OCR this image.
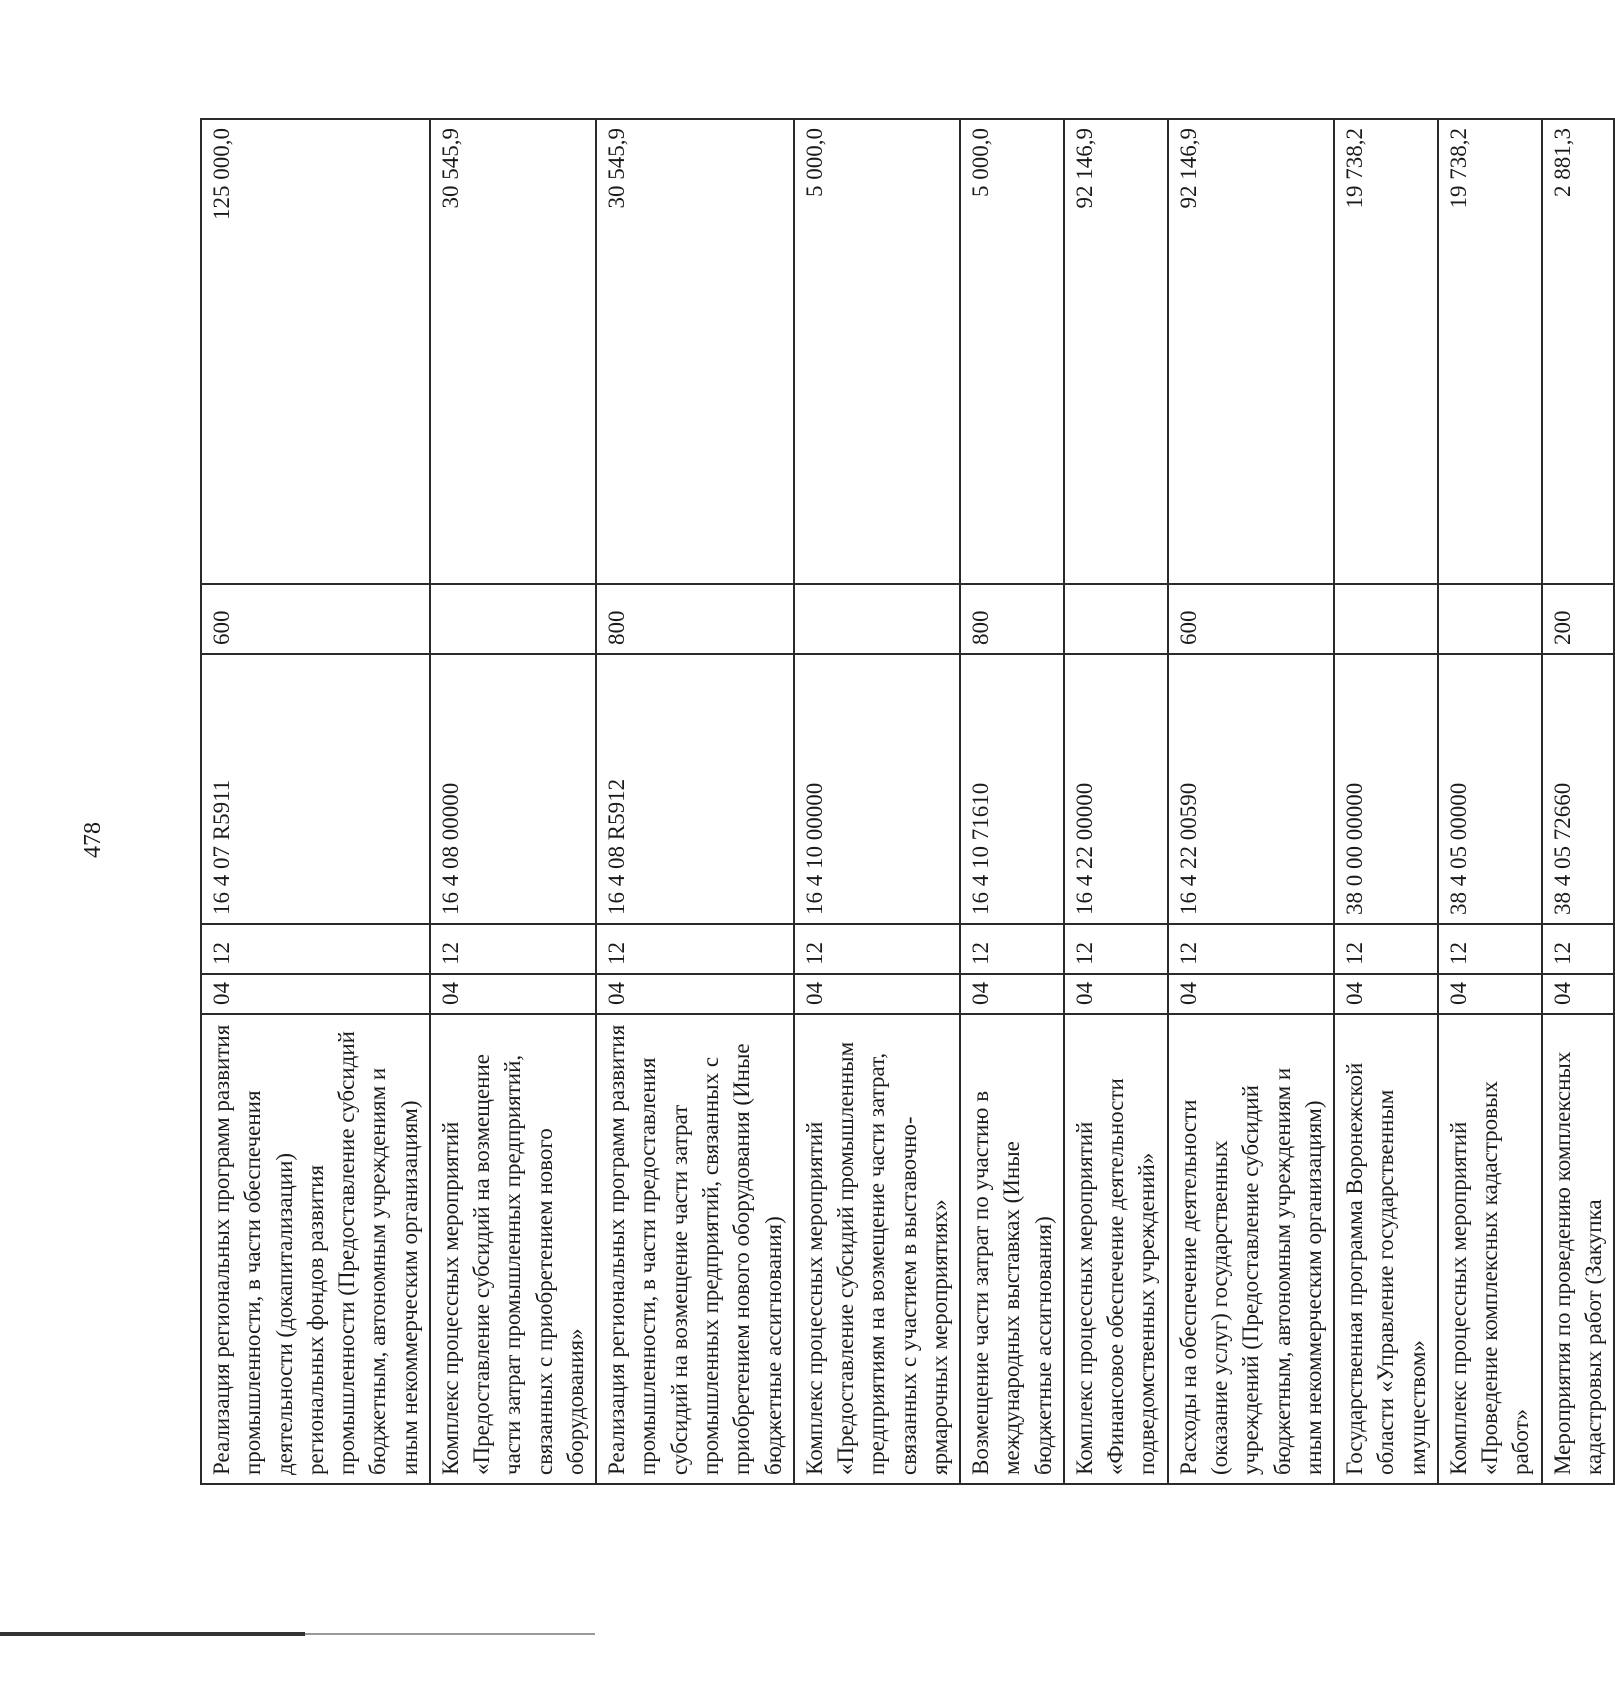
478
Реализация региональных программ развития промышленности, в части обеспечения деятельности (докапитализации) региональных фондов развития промышленности (Предоставление субсидий бюджетным, автономным учреждениям и иным некоммерческим организациям)	04	12	16 4 07 R5911	600	125 000,0
Комплекс процессных мероприятий «Предоставление субсидий на возмещение части затрат промышленных предприятий, связанных с приобретением нового оборудования»	04	12	16 4 08 00000		30 545,9
Реализация региональных программ развития промышленности, в части предоставления субсидий на возмещение части затрат промышленных предприятий, связанных с приобретением нового оборудования (Иные бюджетные ассигнования)	04	12	16 4 08 R5912	800	30 545,9
Комплекс процессных мероприятий «Предоставление субсидий промышленным предприятиям на возмещение части затрат, связанных с участием в выставочно-ярмарочных мероприятиях»	04	12	16 4 10 00000		5 000,0
Возмещение части затрат по участию в международных выставках (Иные бюджетные ассигнования)	04	12	16 4 10 71610	800	5 000,0
Комплекс процессных мероприятий «Финансовое обеспечение деятельности подведомственных учреждений»	04	12	16 4 22 00000		92 146,9
Расходы на обеспечение деятельности (оказание услуг) государственных учреждений (Предоставление субсидий бюджетным, автономным учреждениям и иным некоммерческим организациям)	04	12	16 4 22 00590	600	92 146,9
Государственная программа Воронежской области «Управление государственным имуществом»	04	12	38 0 00 00000		19 738,2
Комплекс процессных мероприятий «Проведение комплексных кадастровых работ»	04	12	38 4 05 00000		19 738,2
Мероприятия по проведению комплексных кадастровых работ (Закупка	04	12	38 4 05 72660	200	2 881,3
